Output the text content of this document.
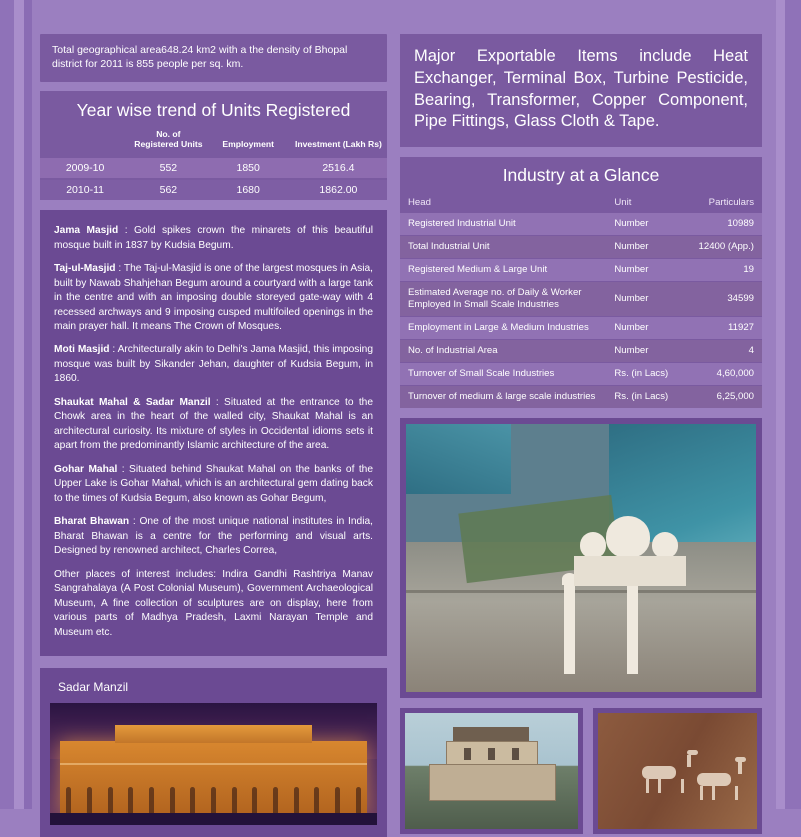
Total geographical area648.24 km2 with a the density of Bhopal district for 2011 is 855 people per sq. km.
Year wise trend of Units Registered
	No. of Registered Units	Employment	Investment (Lakh Rs)
2009-10	552	1850	2516.4
2010-11	562	1680	1862.00

Jama Masjid : Gold spikes crown the minarets of this beautiful mosque built in 1837 by Kudsia Begum.

Taj-ul-Masjid : The Taj-ul-Masjid is one of the largest mosques in Asia, built by Nawab Shahjehan Begum around a courtyard with a large tank in the centre and with an imposing double storeyed gate-way with 4 recessed archways and 9 imposing cusped multifoiled openings in the main prayer hall. It means The Crown of Mosques.

Moti Masjid : Architecturally akin to Delhi's Jama Masjid, this imposing mosque was built by Sikander Jehan, daughter of Kudsia Begum, in 1860.

Shaukat Mahal & Sadar Manzil : Situated at the entrance to the Chowk area in the heart of the walled city, Shaukat Mahal is an architectural curiosity. Its mixture of styles in Occidental idioms sets it apart from the predominantly Islamic architecture of the area.

Gohar Mahal : Situated behind Shaukat Mahal on the banks of the Upper Lake is Gohar Mahal, which is an architectural gem dating back to the times of Kudsia Begum, also known as Gohar Begum,

Bharat Bhawan : One of the most unique national institutes in India, Bharat Bhawan is a centre for the performing and visual arts. Designed by renowned architect, Charles Correa,

Other places of interest includes: Indira Gandhi Rashtriya Manav Sangrahalaya (A Post Colonial Museum), Government Archaeological Museum, A fine collection of sculptures are on display, here from various parts of Madhya Pradesh, Laxmi Narayan Temple and Museum etc.

Sadar Manzil
Major Exportable Items include Heat Exchanger, Terminal Box, Turbine Pesticide, Bearing, Transformer, Copper Component, Pipe Fittings, Glass Cloth & Tape.
Industry at a Glance
Head	Unit	Particulars
Registered Industrial Unit	Number	10989
Total Industrial Unit	Number	12400 (App.)
Registered Medium & Large Unit	Number	19
Estimated Average no. of Daily & Worker Employed In Small Scale Industries	Number	34599
Employment in Large & Medium Industries	Number	11927
No. of Industrial Area	Number	4
Turnover of Small Scale Industries	Rs. (in Lacs)	4,60,000
Turnover of medium & large scale industries	Rs. (in Lacs)	6,25,000
